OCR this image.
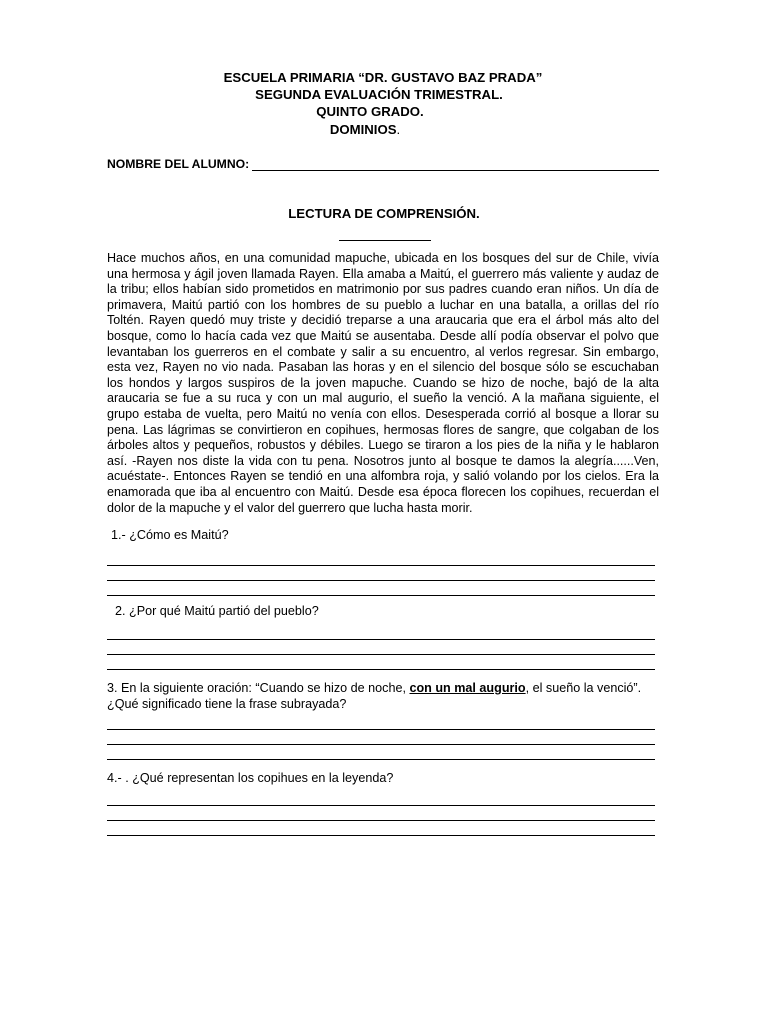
ESCUELA PRIMARIA “DR. GUSTAVO BAZ PRADA”
SEGUNDA EVALUACIÓN TRIMESTRAL.
QUINTO GRADO.
DOMINIOS.
NOMBRE DEL ALUMNO:
LECTURA DE COMPRENSIÓN.

Hace muchos años, en una comunidad mapuche, ubicada en los bosques del sur de Chile, vivía una hermosa y ágil joven llamada Rayen. Ella amaba a Maitú, el guerrero más valiente y audaz de la tribu; ellos habían sido prometidos en matrimonio por sus padres cuando eran niños. Un día de primavera, Maitú partió con los hombres de su pueblo a luchar en una batalla, a orillas del río Toltén. Rayen quedó muy triste y decidió treparse a una araucaria que era el árbol más alto del bosque, como lo hacía cada vez que Maitú se ausentaba. Desde allí podía observar el polvo que levantaban los guerreros en el combate y salir a su encuentro, al verlos regresar. Sin embargo, esta vez, Rayen no vio nada. Pasaban las horas y en el silencio del bosque sólo se escuchaban los hondos y largos suspiros de la joven mapuche. Cuando se hizo de noche, bajó de la alta araucaria se fue a su ruca y con un mal augurio, el sueño la venció. A la mañana siguiente, el grupo estaba de vuelta, pero Maitú no venía con ellos. Desesperada corrió al bosque a llorar su pena. Las lágrimas se convirtieron en copihues, hermosas flores de sangre, que colgaban de los árboles altos y pequeños, robustos y débiles. Luego se tiraron a los pies de la niña y le hablaron así. -Rayen nos diste la vida con tu pena. Nosotros junto al bosque te damos la alegría......Ven, acuéstate-. Entonces Rayen se tendió en una alfombra roja, y salió volando por los cielos. Era la enamorada que iba al encuentro con Maitú. Desde esa época florecen los copihues, recuerdan el dolor de la mapuche y el valor del guerrero que lucha hasta morir.

1.- ¿Cómo es Maitú?
2. ¿Por qué Maitú partió del pueblo?
3. En la siguiente oración: “Cuando se hizo de noche, con un mal augurio, el sueño la venció”. ¿Qué significado tiene la frase subrayada?
4.- . ¿Qué representan los copihues en la leyenda?
